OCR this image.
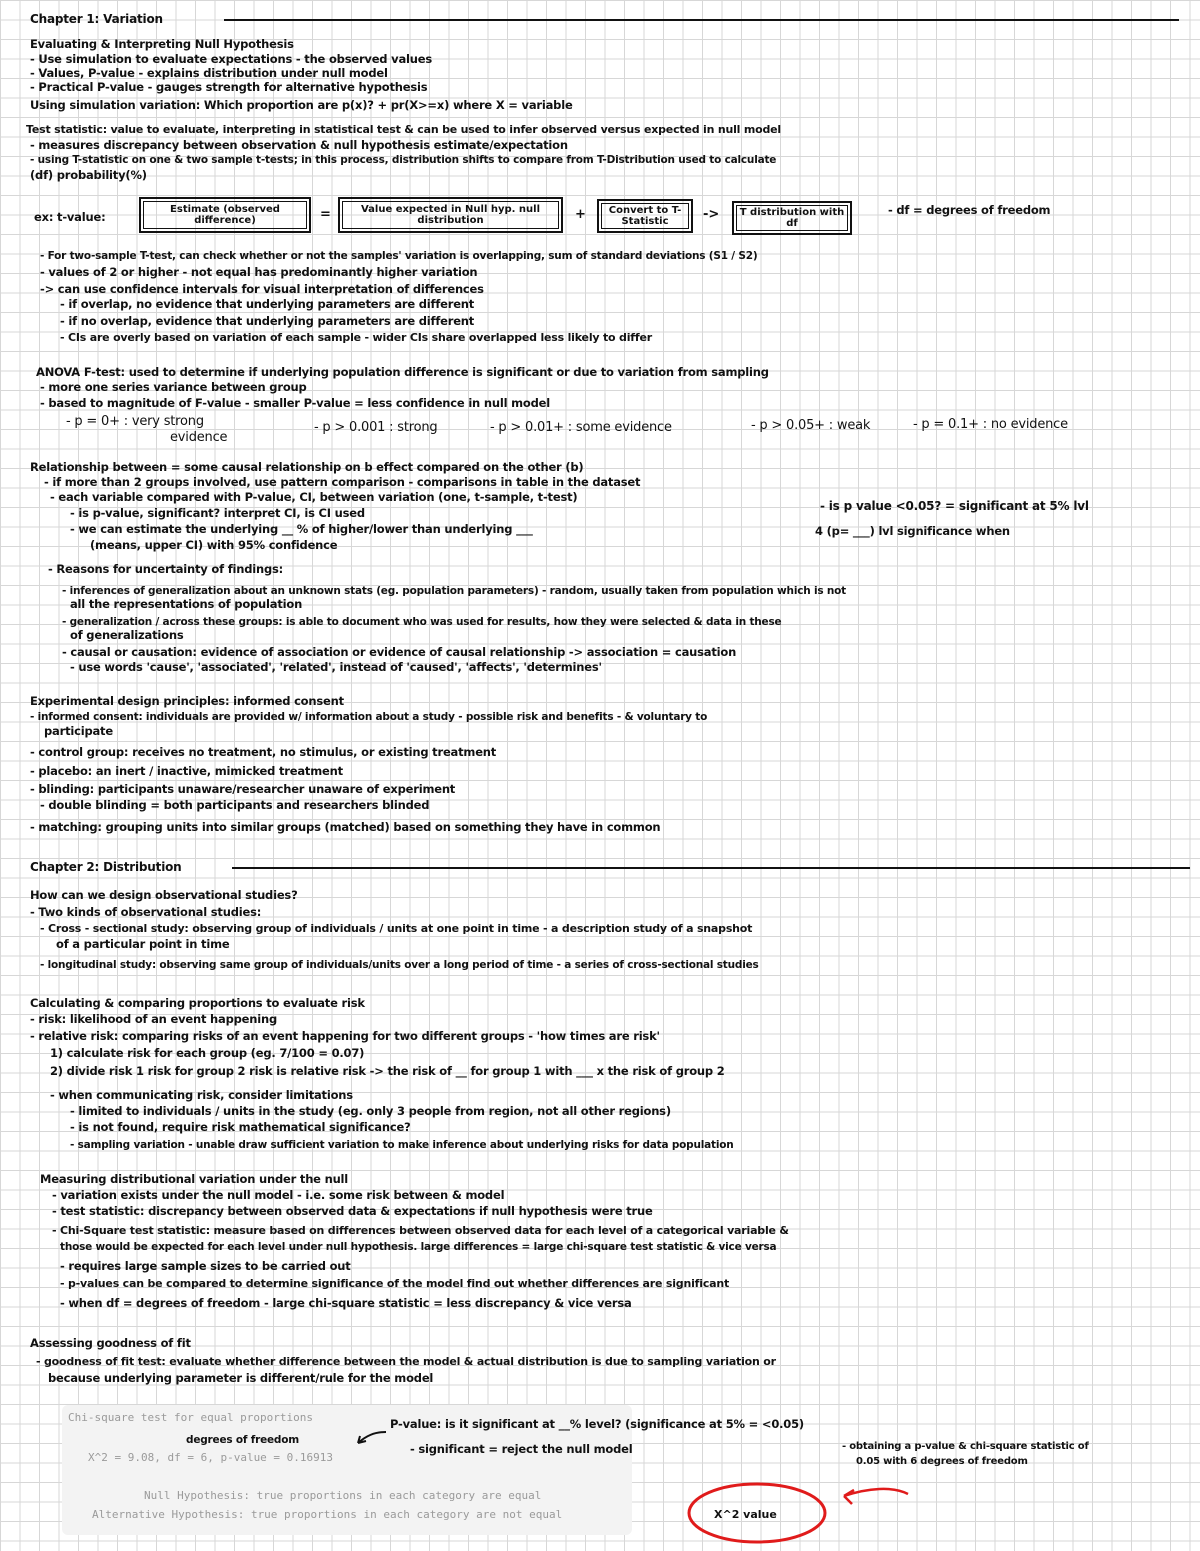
Chapter 1: Variation
Evaluating & Interpreting Null Hypothesis
- Use simulation to evaluate expectations - the observed values
- Values, P-value - explains distribution under null model
- Practical P-value - gauges strength for alternative hypothesis
Using simulation variation: Which proportion are p(x)? + pr(X>=x) where X = variable
Test statistic: value to evaluate, interpreting in statistical test & can be used to infer observed versus expected in null model
- measures discrepancy between observation & null hypothesis estimate/expectation
- using T-statistic on one & two sample t-tests; in this process, distribution shifts to compare from T-Distribution used to calculate
(df) probability(%)
ex: t-value:
Estimate (observed difference)	=	Value expected in Null hyp. null distribution	+	Convert to T-Statistic	->	T distribution with df
- df = degrees of freedom
- For two-sample T-test, can check whether or not the samples' variation is overlapping, sum of standard deviations (S1 / S2)
- values of 2 or higher - not equal has predominantly higher variation
-> can use confidence intervals for visual interpretation of differences
- if overlap, no evidence that underlying parameters are different
- if no overlap, evidence that underlying parameters are different
- CIs are overly based on variation of each sample - wider CIs share overlapped less likely to differ
ANOVA F-test: used to determine if underlying population difference is significant or due to variation from sampling
- more one series variance between group
- based to magnitude of F-value - smaller P-value = less confidence in null model
- p = 0+ : very strong
evidence
- p > 0.001 : strong	- p > 0.01+ : some evidence	- p > 0.05+ : weak	- p = 0.1+ : no evidence
Relationship between = some causal relationship on b effect compared on the other (b)
- if more than 2 groups involved, use pattern comparison - comparisons in table in the dataset
- each variable compared with P-value, CI, between variation (one, t-sample, t-test)
- is p value <0.05? = significant at 5% lvl
- is p-value, significant? interpret CI, is CI used
- we can estimate the underlying __ % of higher/lower than underlying ___	4 (p= ___) lvl significance when
(means, upper CI) with 95% confidence
- Reasons for uncertainty of findings:
- inferences of generalization about an unknown stats (eg. population parameters) - random, usually taken from population which is not
all the representations of population
- generalization / across these groups: is able to document who was used for results, how they were selected & data in these
of generalizations
- causal or causation: evidence of association or evidence of causal relationship -> association = causation
- use words 'cause', 'associated', 'related', instead of 'caused', 'affects', 'determines'
Experimental design principles: informed consent
- informed consent: individuals are provided w/ information about a study - possible risk and benefits - & voluntary to
participate
- control group: receives no treatment, no stimulus, or existing treatment
- placebo: an inert / inactive, mimicked treatment
- blinding: participants unaware/researcher unaware of experiment
- double blinding = both participants and researchers blinded
- matching: grouping units into similar groups (matched) based on something they have in common
Chapter 2: Distribution
How can we design observational studies?
- Two kinds of observational studies:
- Cross - sectional study: observing group of individuals / units at one point in time - a description study of a snapshot
of a particular point in time
- longitudinal study: observing same group of individuals/units over a long period of time - a series of cross-sectional studies
Calculating & comparing proportions to evaluate risk
- risk: likelihood of an event happening
- relative risk: comparing risks of an event happening for two different groups - 'how times are risk'
1) calculate risk for each group (eg. 7/100 = 0.07)
2) divide risk 1 risk for group 2 risk is relative risk -> the risk of __ for group 1 with ___ x the risk of group 2
- when communicating risk, consider limitations
- limited to individuals / units in the study (eg. only 3 people from region, not all other regions)
- is not found, require risk mathematical significance?
- sampling variation - unable draw sufficient variation to make inference about underlying risks for data population
Measuring distributional variation under the null
- variation exists under the null model - i.e. some risk between & model
- test statistic: discrepancy between observed data & expectations if null hypothesis were true
- Chi-Square test statistic: measure based on differences between observed data for each level of a categorical variable &
those would be expected for each level under null hypothesis. large differences = large chi-square test statistic & vice versa
- requires large sample sizes to be carried out
- p-values can be compared to determine significance of the model find out whether differences are significant
- when df = degrees of freedom - large chi-square statistic = less discrepancy & vice versa
Assessing goodness of fit
- goodness of fit test: evaluate whether difference between the model & actual distribution is due to sampling variation or
because underlying parameter is different/rule for the model
Chi-square test for equal proportions
X^2 = 9.08, df = 6, p-value = 0.16913
Null Hypothesis: true proportions in each category are equal
Alternative Hypothesis: true proportions in each category are not equal
degrees of freedom
P-value: is it significant at __% level? (significance at 5% = <0.05)
- significant = reject the null model	- obtaining a p-value & chi-square statistic of
0.05 with 6 degrees of freedom
X^2 value
